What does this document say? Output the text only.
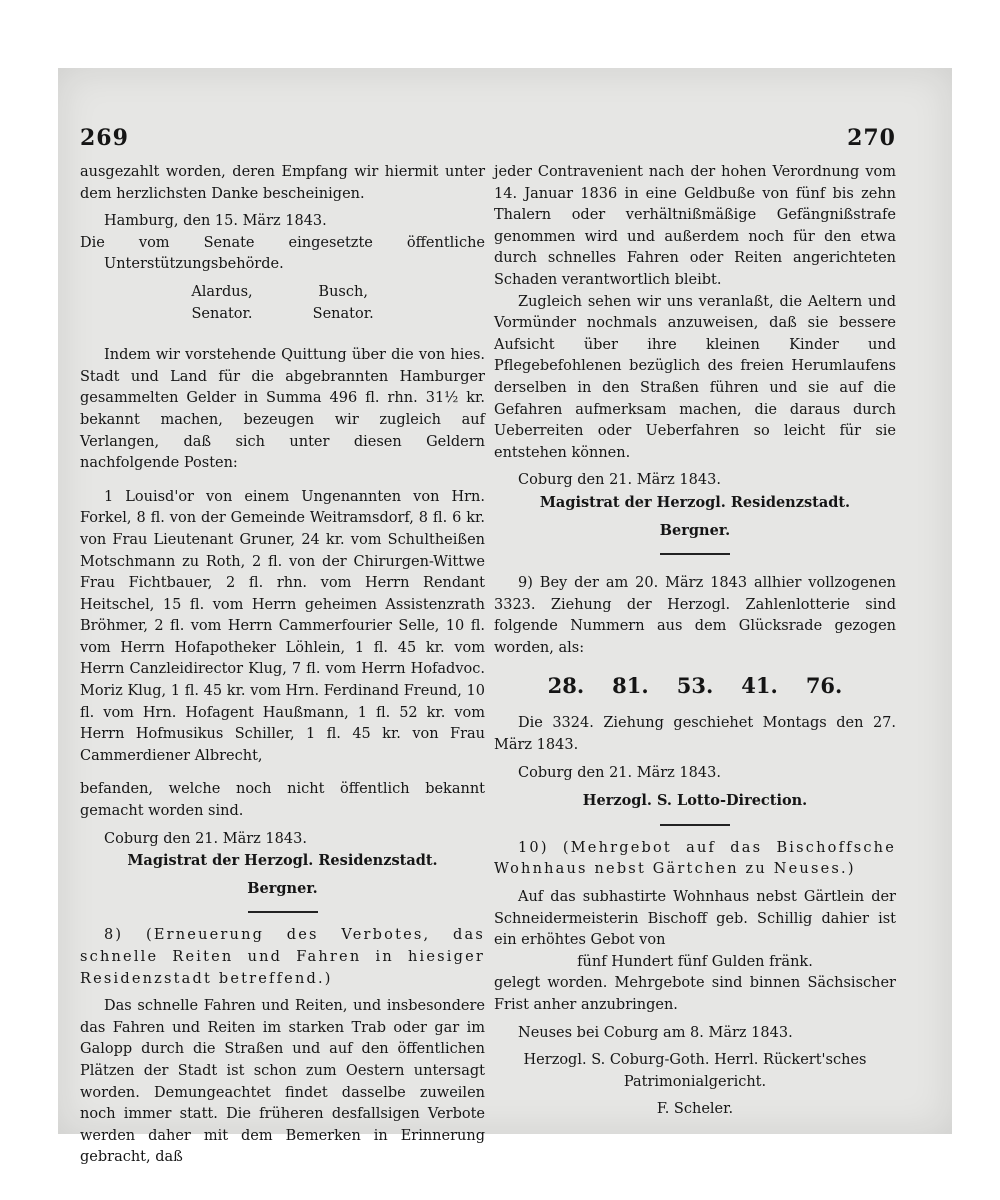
269

ausgezahlt worden, deren Empfang wir hiermit unter dem herzlichsten Danke bescheinigen.

Hamburg, den 15. März 1843.

Die vom Senate eingesetzte öffentliche Unterstützungsbehörde.

Alardus,
Senator.
Busch,
Senator.

Indem wir vorstehende Quittung über die von hies. Stadt und Land für die abgebrannten Hamburger gesammelten Gelder in Summa 496 fl. rhn. 31½ kr. bekannt machen, bezeugen wir zugleich auf Verlangen, daß sich unter diesen Geldern nachfolgende Posten:

1 Louisd'or von einem Ungenannten von Hrn. Forkel, 8 fl. von der Gemeinde Weitramsdorf, 8 fl. 6 kr. von Frau Lieutenant Gruner, 24 kr. vom Schultheißen Motschmann zu Roth, 2 fl. von der Chirurgen-Wittwe Frau Fichtbauer, 2 fl. rhn. vom Herrn Rendant Heitschel, 15 fl. vom Herrn geheimen Assistenzrath Bröhmer, 2 fl. vom Herrn Cammerfourier Selle, 10 fl. vom Herrn Hofapotheker Löhlein, 1 fl. 45 kr. vom Herrn Canzleidirector Klug, 7 fl. vom Herrn Hofadvoc. Moriz Klug, 1 fl. 45 kr. vom Hrn. Ferdinand Freund, 10 fl. vom Hrn. Hofagent Haußmann, 1 fl. 52 kr. vom Herrn Hofmusikus Schiller, 1 fl. 45 kr. von Frau Cammerdiener Albrecht,

befanden, welche noch nicht öffentlich bekannt gemacht worden sind.

Coburg den 21. März 1843.

Magistrat der Herzogl. Residenzstadt.

Bergner.

8) (Erneuerung des Verbotes, das schnelle Reiten und Fahren in hiesiger Residenzstadt betreffend.)

Das schnelle Fahren und Reiten, und insbesondere das Fahren und Reiten im starken Trab oder gar im Galopp durch die Straßen und auf den öffentlichen Plätzen der Stadt ist schon zum Oestern untersagt worden. Demungeachtet findet dasselbe zuweilen noch immer statt. Die früheren desfallsigen Verbote werden daher mit dem Bemerken in Erinnerung gebracht, daß

270

jeder Contravenient nach der hohen Verordnung vom 14. Januar 1836 in eine Geldbuße von fünf bis zehn Thalern oder verhältnißmäßige Gefängnißstrafe genommen wird und außerdem noch für den etwa durch schnelles Fahren oder Reiten angerichteten Schaden verantwortlich bleibt.

Zugleich sehen wir uns veranlaßt, die Aeltern und Vormünder nochmals anzuweisen, daß sie bessere Aufsicht über ihre kleinen Kinder und Pflegebefohlenen bezüglich des freien Herumlaufens derselben in den Straßen führen und sie auf die Gefahren aufmerksam machen, die daraus durch Ueberreiten oder Ueberfahren so leicht für sie entstehen können.

Coburg den 21. März 1843.

Magistrat der Herzogl. Residenzstadt.

Bergner.

9) Bey der am 20. März 1843 allhier vollzogenen 3323. Ziehung der Herzogl. Zahlenlotterie sind folgende Nummern aus dem Glücksrade gezogen worden, als:

28. 81. 53. 41. 76.

Die 3324. Ziehung geschiehet Montags den 27. März 1843.

Coburg den 21. März 1843.

Herzogl. S. Lotto-Direction.

10) (Mehrgebot auf das Bischoffsche Wohnhaus nebst Gärtchen zu Neuses.)

Auf das subhastirte Wohnhaus nebst Gärtlein der Schneidermeisterin Bischoff geb. Schillig dahier ist ein erhöhtes Gebot von

fünf Hundert fünf Gulden fränk.

gelegt worden. Mehrgebote sind binnen Sächsischer Frist anher anzubringen.

Neuses bei Coburg am 8. März 1843.

Herzogl. S. Coburg-Goth. Herrl. Rückert'sches Patrimonialgericht.

F. Scheler.
